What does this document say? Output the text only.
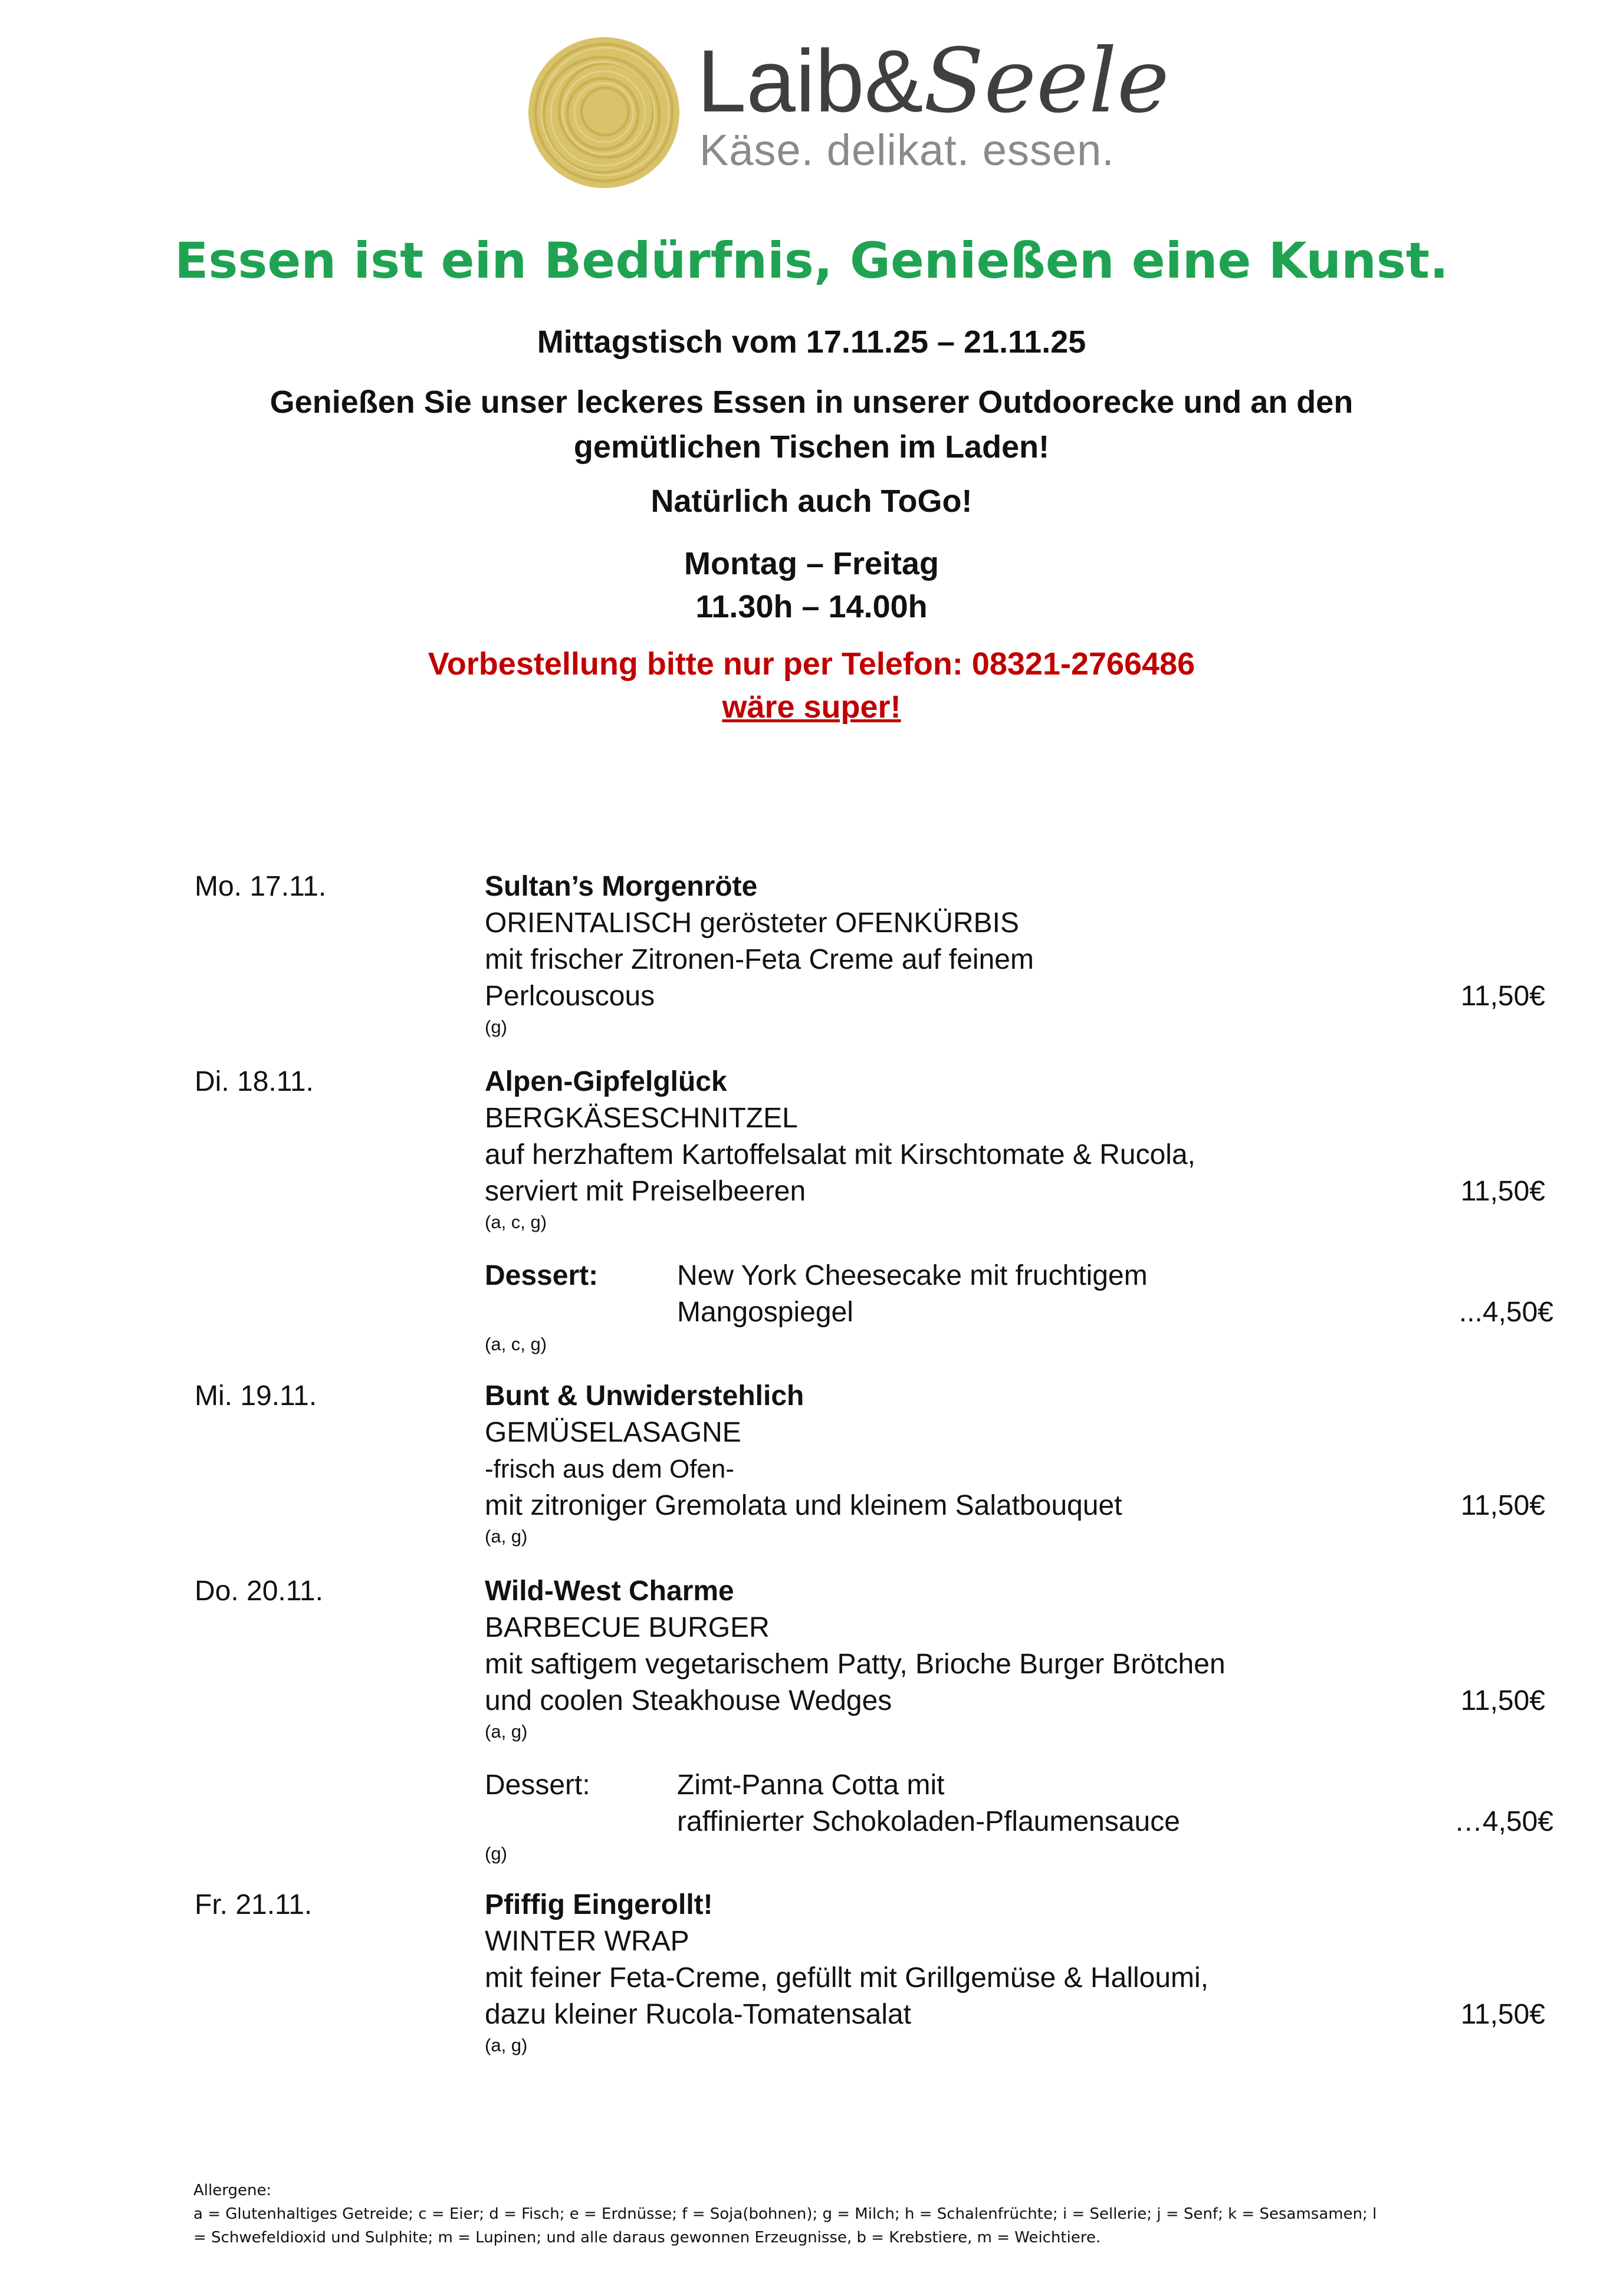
Laib&Seele
Käse. delikat. essen.
Essen ist ein Bedürfnis, Genießen eine Kunst.
Mittagstisch vom 17.11.25 – 21.11.25
Genießen Sie unser leckeres Essen in unserer Outdoorecke und an den
gemütlichen Tischen im Laden!
Natürlich auch ToGo!
Montag – Freitag
11.30h – 14.00h
Vorbestellung bitte nur per Telefon: 08321-2766486
wäre super!
Mo. 17.11.	Sultan’s Morgenröte
ORIENTALISCH gerösteter OFENKÜRBIS
mit frischer Zitronen-Feta Creme auf feinem
Perlcouscous
(g)
11,50€
Di. 18.11.	Alpen-Gipfelglück
BERGKÄSESCHNITZEL
auf herzhaftem Kartoffelsalat mit Kirschtomate & Rucola,
serviert mit Preiselbeeren
(a, c, g)
11,50€
Dessert:	New York Cheesecake mit fruchtigem
Mangospiegel
(a, c, g)
...4,50€
Mi. 19.11.	Bunt & Unwiderstehlich
GEMÜSELASAGNE
-frisch aus dem Ofen-
mit zitroniger Gremolata und kleinem Salatbouquet
(a, g)
11,50€
Do. 20.11.	Wild-West Charme
BARBECUE BURGER
mit saftigem vegetarischem Patty, Brioche Burger Brötchen
und coolen Steakhouse Wedges
(a, g)
11,50€
Dessert:	Zimt-Panna Cotta mit
raffinierter Schokoladen-Pflaumensauce
(g)
…4,50€
Fr. 21.11.	Pfiffig Eingerollt!
WINTER WRAP
mit feiner Feta-Creme, gefüllt mit Grillgemüse & Halloumi,
dazu kleiner Rucola-Tomatensalat
(a, g)
11,50€
Allergene:
a = Glutenhaltiges Getreide; c = Eier; d = Fisch; e = Erdnüsse; f = Soja(bohnen); g = Milch; h = Schalenfrüchte; i = Sellerie; j = Senf; k = Sesamsamen; l
= Schwefeldioxid und Sulphite; m = Lupinen; und alle daraus gewonnen Erzeugnisse, b = Krebstiere, m = Weichtiere.
